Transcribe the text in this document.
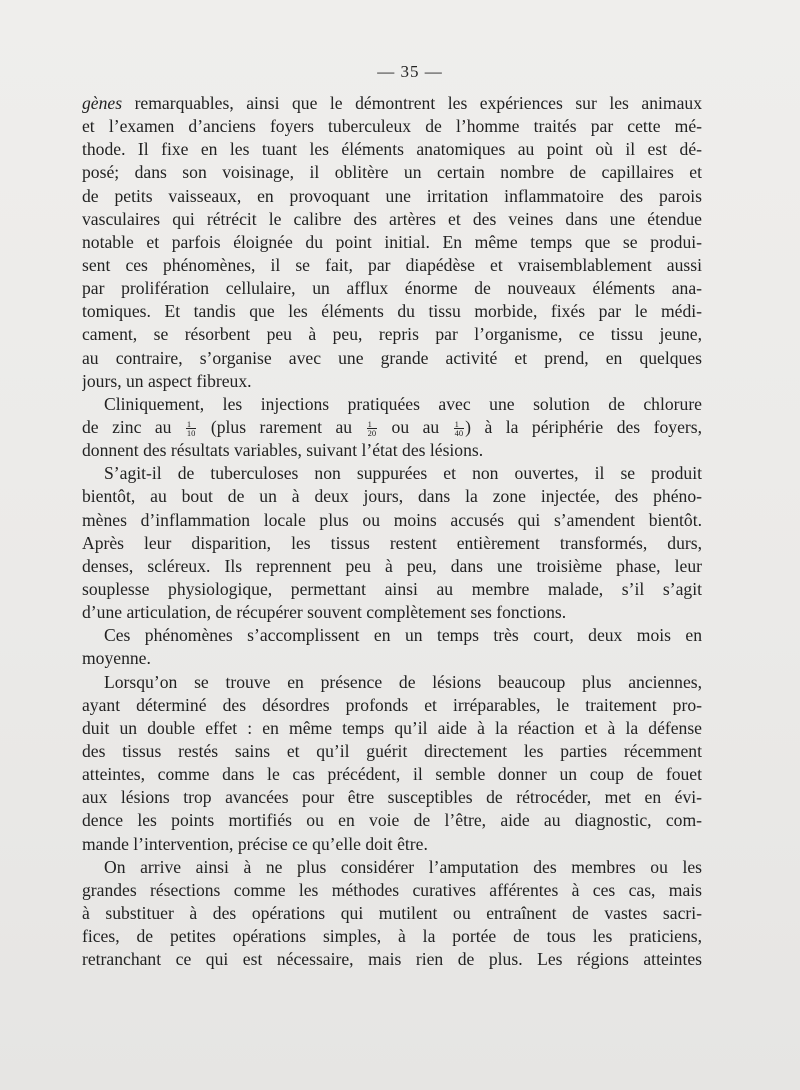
— 35 —
gènes remarquables, ainsi que le démontrent les expériences sur les animaux
et l’examen d’anciens foyers tuberculeux de l’homme traités par cette mé-
thode. Il fixe en les tuant les éléments anatomiques au point où il est dé-
posé; dans son voisinage, il oblitère un certain nombre de capillaires et
de petits vaisseaux, en provoquant une irritation inflammatoire des parois
vasculaires qui rétrécit le calibre des artères et des veines dans une étendue
notable et parfois éloignée du point initial. En même temps que se produi-
sent ces phénomènes, il se fait, par diapédèse et vraisemblablement aussi
par prolifération cellulaire, un afflux énorme de nouveaux éléments ana-
tomiques. Et tandis que les éléments du tissu morbide, fixés par le médi-
cament, se résorbent peu à peu, repris par l’organisme, ce tissu jeune,
au contraire, s’organise avec une grande activité et prend, en quelques
jours, un aspect fibreux.
Cliniquement, les injections pratiquées avec une solution de chlorure
de zinc au $\frac{1}{10}$ (plus rarement au $\frac{1}{20}$ ou au $\frac{1}{40}$ ) à la périphérie des foyers,
donnent des résultats variables, suivant l’état des lésions.
S’agit-il de tuberculoses non suppurées et non ouvertes, il se produit
bientôt, au bout de un à deux jours, dans la zone injectée, des phéno-
mènes d’inflammation locale plus ou moins accusés qui s’amendent bientôt.
Après leur disparition, les tissus restent entièrement transformés, durs,
denses, scléreux. Ils reprennent peu à peu, dans une troisième phase, leur
souplesse physiologique, permettant ainsi au membre malade, s’il s’agit
d’une articulation, de récupérer souvent complètement ses fonctions.
Ces phénomènes s’accomplissent en un temps très court, deux mois en
moyenne.
Lorsqu’on se trouve en présence de lésions beaucoup plus anciennes,
ayant déterminé des désordres profonds et irréparables, le traitement pro-
duit un double effet : en même temps qu’il aide à la réaction et à la défense
des tissus restés sains et qu’il guérit directement les parties récemment
atteintes, comme dans le cas précédent, il semble donner un coup de fouet
aux lésions trop avancées pour être susceptibles de rétrocéder, met en évi-
dence les points mortifiés ou en voie de l’être, aide au diagnostic, com-
mande l’intervention, précise ce qu’elle doit être.
On arrive ainsi à ne plus considérer l’amputation des membres ou les
grandes résections comme les méthodes curatives afférentes à ces cas, mais
à substituer à des opérations qui mutilent ou entraînent de vastes sacri-
fices, de petites opérations simples, à la portée de tous les praticiens,
retranchant ce qui est nécessaire, mais rien de plus. Les régions atteintes
